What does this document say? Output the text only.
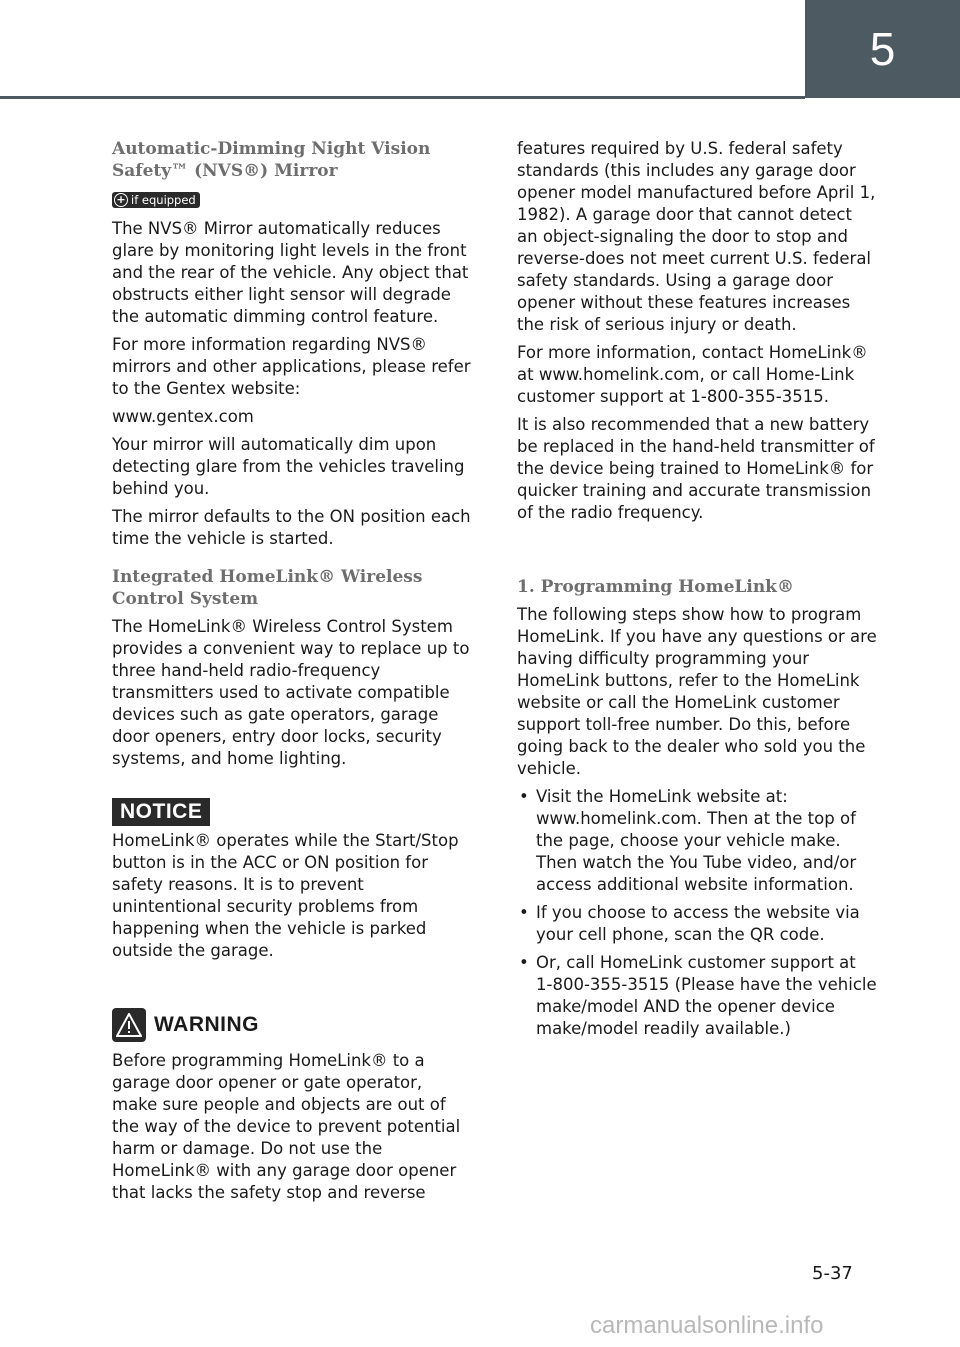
5
Automatic-Dimming Night Vision Safety™ (NVS®) Mirror
+ if equipped

The NVS® Mirror automatically reduces glare by monitoring light levels in the front and the rear of the vehicle. Any object that obstructs either light sensor will degrade the automatic dimming control feature.

For more information regarding NVS® mirrors and other applications, please refer to the Gentex website:

www.gentex.com

Your mirror will automatically dim upon detecting glare from the vehicles traveling behind you.

The mirror defaults to the ON position each time the vehicle is started.

Integrated HomeLink® Wireless Control System

The HomeLink® Wireless Control System provides a convenient way to replace up to three hand-held radio-frequency transmitters used to activate compatible devices such as gate operators, garage door openers, entry door locks, security systems, and home lighting.

NOTICE

HomeLink® operates while the Start/Stop button is in the ACC or ON position for safety reasons. It is to prevent unintentional security problems from happening when the vehicle is parked outside the garage.

WARNING

Before programming HomeLink® to a garage door opener or gate operator, make sure people and objects are out of the way of the device to prevent potential harm or damage. Do not use the HomeLink® with any garage door opener that lacks the safety stop and reverse

features required by U.S. federal safety standards (this includes any garage door opener model manufactured before April 1, 1982). A garage door that cannot detect an object-signaling the door to stop and reverse-does not meet current U.S. federal safety standards. Using a garage door opener without these features increases the risk of serious injury or death.

For more information, contact HomeLink® at www.homelink.com, or call Home-Link customer support at 1-800-355-3515.

It is also recommended that a new battery be replaced in the hand-held transmitter of the device being trained to HomeLink® for quicker training and accurate transmission of the radio frequency.

1. Programming HomeLink®

The following steps show how to program HomeLink. If you have any questions or are having difficulty programming your HomeLink buttons, refer to the HomeLink website or call the HomeLink customer support toll-free number. Do this, before going back to the dealer who sold you the vehicle.

• Visit the HomeLink website at: www.homelink.com. Then at the top of the page, choose your vehicle make. Then watch the You Tube video, and/or access additional website information.
• If you choose to access the website via your cell phone, scan the QR code.
• Or, call HomeLink customer support at 1-800-355-3515 (Please have the vehicle make/model AND the opener device make/model readily available.)
5-37
carmanualsonline.info
